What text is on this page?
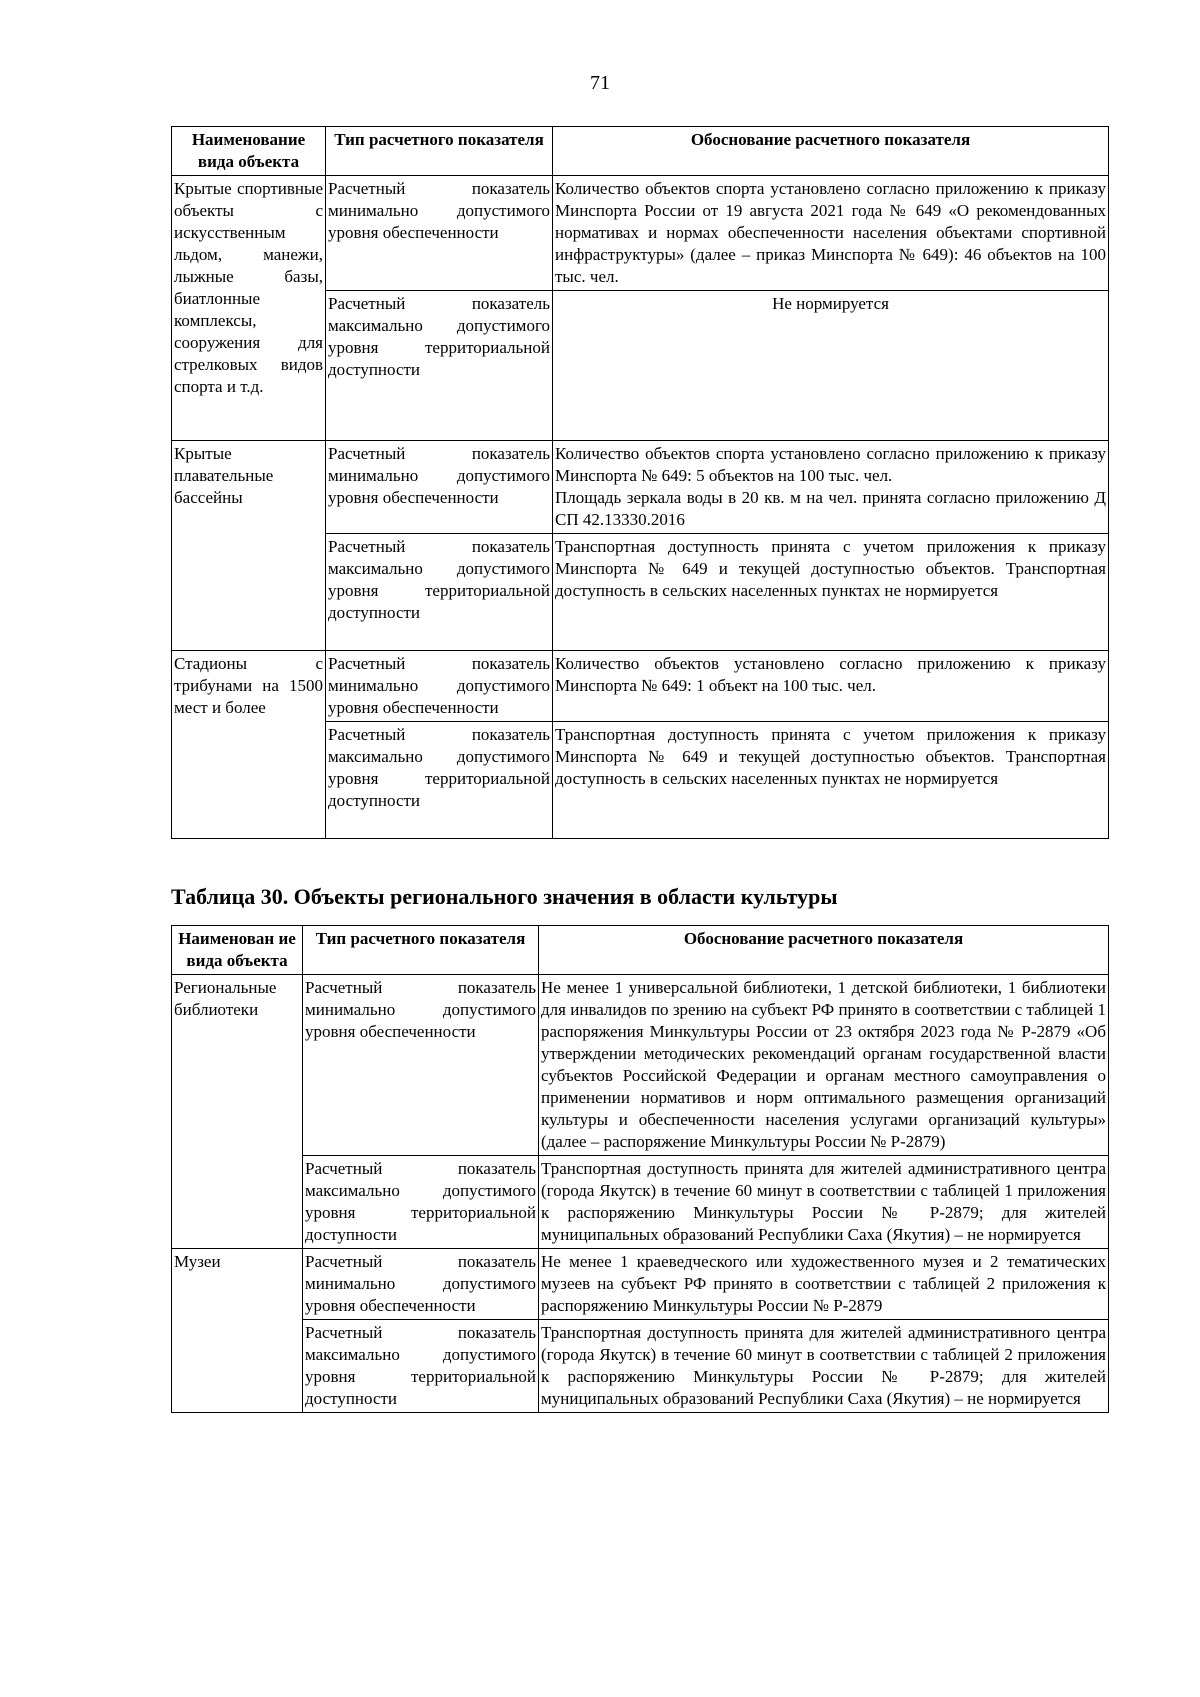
71
Наименование вида объекта	Тип расчетного показателя	Обоснование расчетного показателя
Крытые спортивные объекты с искусственным льдом, манежи, лыжные базы, биатлонные комплексы, сооружения для стрелковых видов спорта и т.д.	Расчетный показатель минимально допустимого уровня обеспеченности	Количество объектов спорта установлено согласно приложению к приказу Минспорта России от 19 августа 2021 года № 649 «О рекомендованных нормативах и нормах обеспеченности населения объектами спортивной инфраструктуры» (далее – приказ Минспорта № 649): 46 объектов на 100 тыс. чел.
	Расчетный показатель максимально допустимого уровня территориальной доступности	Не нормируется
Крытые плавательные бассейны	Расчетный показатель минимально допустимого уровня обеспеченности	Количество объектов спорта установлено согласно приложению к приказу Минспорта № 649: 5 объектов на 100 тыс. чел.
Площадь зеркала воды в 20 кв. м на чел. принята согласно приложению Д СП 42.13330.2016
	Расчетный показатель максимально допустимого уровня территориальной доступности	Транспортная доступность принята с учетом приложения к приказу Минспорта № 649 и текущей доступностью объектов. Транспортная доступность в сельских населенных пунктах не нормируется
Стадионы с трибунами на 1500 мест и более	Расчетный показатель минимально допустимого уровня обеспеченности	Количество объектов установлено согласно приложению к приказу Минспорта № 649: 1 объект на 100 тыс. чел.
	Расчетный показатель максимально допустимого уровня территориальной доступности	Транспортная доступность принята с учетом приложения к приказу Минспорта № 649 и текущей доступностью объектов. Транспортная доступность в сельских населенных пунктах не нормируется
Таблица 30. Объекты регионального значения в области культуры
Наименован ие вида объекта	Тип расчетного показателя	Обоснование расчетного показателя
Региональные библиотеки	Расчетный показатель минимально допустимого уровня обеспеченности	Не менее 1 универсальной библиотеки, 1 детской библиотеки, 1 библиотеки для инвалидов по зрению на субъект РФ принято в соответствии с таблицей 1 распоряжения Минкультуры России от 23 октября 2023 года № Р-2879 «Об утверждении методических рекомендаций органам государственной власти субъектов Российской Федерации и органам местного самоуправления о применении нормативов и норм оптимального размещения организаций культуры и обеспеченности населения услугами организаций культуры» (далее – распоряжение Минкультуры России № Р-2879)
	Расчетный показатель максимально допустимого уровня территориальной доступности	Транспортная доступность принята для жителей административного центра (города Якутск) в течение 60 минут в соответствии с таблицей 1 приложения к распоряжению Минкультуры России № Р-2879; для жителей муниципальных образований Республики Саха (Якутия) – не нормируется
Музеи	Расчетный показатель минимально допустимого уровня обеспеченности	Не менее 1 краеведческого или художественного музея и 2 тематических музеев на субъект РФ принято в соответствии с таблицей 2 приложения к распоряжению Минкультуры России № Р-2879
	Расчетный показатель максимально допустимого уровня территориальной доступности	Транспортная доступность принята для жителей административного центра (города Якутск) в течение 60 минут в соответствии с таблицей 2 приложения к распоряжению Минкультуры России № Р-2879; для жителей муниципальных образований Республики Саха (Якутия) – не нормируется
